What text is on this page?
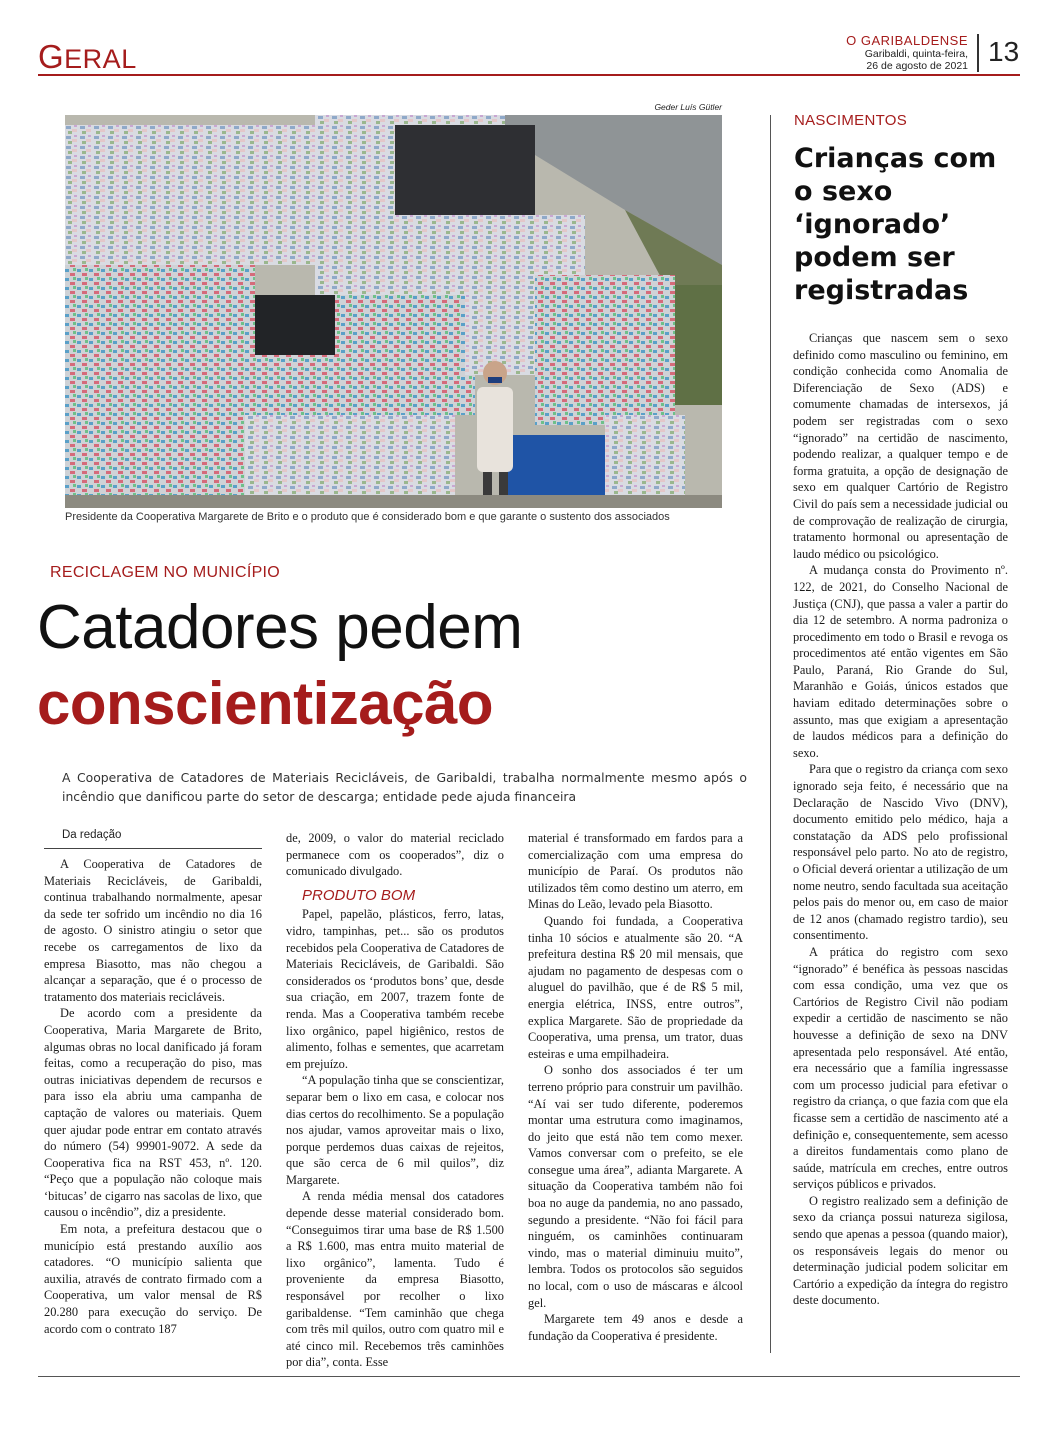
GERAL
O GARIBALDENSE
Garibaldi, quinta-feira,
26 de agosto de 2021 13
Geder Luís Gütler
Presidente da Cooperativa Margarete de Brito e o produto que é considerado bom e que garante o sustento dos associados
RECICLAGEM NO MUNICÍPIO
Catadores pedem
conscientização
A Cooperativa de Catadores de Materiais Recicláveis, de Garibaldi, trabalha normalmente mesmo após o incêndio que danificou parte do setor de descarga; entidade pede ajuda financeira
Da redação

A Cooperativa de Catadores de Materiais Recicláveis, de Garibaldi, continua trabalhando normalmente, apesar da sede ter sofrido um incêndio no dia 16 de agosto. O sinistro atingiu o setor que recebe os carregamentos de lixo da empresa Biasotto, mas não chegou a alcançar a separação, que é o processo de tratamento dos materiais recicláveis.

De acordo com a presidente da Cooperativa, Maria Margarete de Brito, algumas obras no local danificado já foram feitas, como a recuperação do piso, mas outras iniciativas dependem de recursos e para isso ela abriu uma campanha de captação de valores ou materiais. Quem quer ajudar pode entrar em contato através do número (54) 99901-9072. A sede da Cooperativa fica na RST 453, nº. 120. “Peço que a população não coloque mais ‘bitucas’ de cigarro nas sacolas de lixo, que causou o incêndio”, diz a presidente.

Em nota, a prefeitura destacou que o município está prestando auxílio aos catadores. “O município salienta que auxilia, através de contrato firmado com a Cooperativa, um valor mensal de R$ 20.280 para execução do serviço. De acordo com o contrato 187

de, 2009, o valor do material reciclado permanece com os cooperados”, diz o comunicado divulgado.

PRODUTO BOM

Papel, papelão, plásticos, ferro, latas, vidro, tampinhas, pet... são os produtos recebidos pela Cooperativa de Catadores de Materiais Recicláveis, de Garibaldi. São considerados os ‘produtos bons’ que, desde sua criação, em 2007, trazem fonte de renda. Mas a Cooperativa também recebe lixo orgânico, papel higiênico, restos de alimento, folhas e sementes, que acarretam em prejuízo.

“A população tinha que se conscientizar, separar bem o lixo em casa, e colocar nos dias certos do recolhimento. Se a população nos ajudar, vamos aproveitar mais o lixo, porque perdemos duas caixas de rejeitos, que são cerca de 6 mil quilos”, diz Margarete.

A renda média mensal dos catadores depende desse material considerado bom. “Conseguimos tirar uma base de R$ 1.500 a R$ 1.600, mas entra muito material de lixo orgânico”, lamenta. Tudo é proveniente da empresa Biasotto, responsável por recolher o lixo garibaldense. “Tem caminhão que chega com três mil quilos, outro com quatro mil e até cinco mil. Recebemos três caminhões por dia”, conta. Esse

material é transformado em fardos para a comercialização com uma empresa do município de Paraí. Os produtos não utilizados têm como destino um aterro, em Minas do Leão, levado pela Biasotto.

Quando foi fundada, a Cooperativa tinha 10 sócios e atualmente são 20. “A prefeitura destina R$ 20 mil mensais, que ajudam no pagamento de despesas com o aluguel do pavilhão, que é de R$ 5 mil, energia elétrica, INSS, entre outros”, explica Margarete. São de propriedade da Cooperativa, uma prensa, um trator, duas esteiras e uma empilhadeira.

O sonho dos associados é ter um terreno próprio para construir um pavilhão. “Aí vai ser tudo diferente, poderemos montar uma estrutura como imaginamos, do jeito que está não tem como mexer. Vamos conversar com o prefeito, se ele consegue uma área”, adianta Margarete. A situação da Cooperativa também não foi boa no auge da pandemia, no ano passado, segundo a presidente. “Não foi fácil para ninguém, os caminhões continuaram vindo, mas o material diminuiu muito”, lembra. Todos os protocolos são seguidos no local, com o uso de máscaras e álcool gel.

Margarete tem 49 anos e desde a fundação da Cooperativa é presidente.

NASCIMENTOS
Crianças com o sexo ‘ignorado’ podem ser registradas

Crianças que nascem sem o sexo definido como masculino ou feminino, em condição conhecida como Anomalia de Diferenciação de Sexo (ADS) e comumente chamadas de intersexos, já podem ser registradas com o sexo “ignorado” na certidão de nascimento, podendo realizar, a qualquer tempo e de forma gratuita, a opção de designação de sexo em qualquer Cartório de Registro Civil do país sem a necessidade judicial ou de comprovação de realização de cirurgia, tratamento hormonal ou apresentação de laudo médico ou psicológico.

A mudança consta do Provimento nº. 122, de 2021, do Conselho Nacional de Justiça (CNJ), que passa a valer a partir do dia 12 de setembro. A norma padroniza o procedimento em todo o Brasil e revoga os procedimentos até então vigentes em São Paulo, Paraná, Rio Grande do Sul, Maranhão e Goiás, únicos estados que haviam editado determinações sobre o assunto, mas que exigiam a apresentação de laudos médicos para a definição do sexo.

Para que o registro da criança com sexo ignorado seja feito, é necessário que na Declaração de Nascido Vivo (DNV), documento emitido pelo médico, haja a constatação da ADS pelo profissional responsável pelo parto. No ato de registro, o Oficial deverá orientar a utilização de um nome neutro, sendo facultada sua aceitação pelos pais do menor ou, em caso de maior de 12 anos (chamado registro tardio), seu consentimento.

A prática do registro com sexo “ignorado” é benéfica às pessoas nascidas com essa condição, uma vez que os Cartórios de Registro Civil não podiam expedir a certidão de nascimento se não houvesse a definição de sexo na DNV apresentada pelo responsável. Até então, era necessário que a família ingressasse com um processo judicial para efetivar o registro da criança, o que fazia com que ela ficasse sem a certidão de nascimento até a definição e, consequentemente, sem acesso a direitos fundamentais como plano de saúde, matrícula em creches, entre outros serviços públicos e privados.

O registro realizado sem a definição de sexo da criança possui natureza sigilosa, sendo que apenas a pessoa (quando maior), os responsáveis legais do menor ou determinação judicial podem solicitar em Cartório a expedição da íntegra do registro deste documento.
